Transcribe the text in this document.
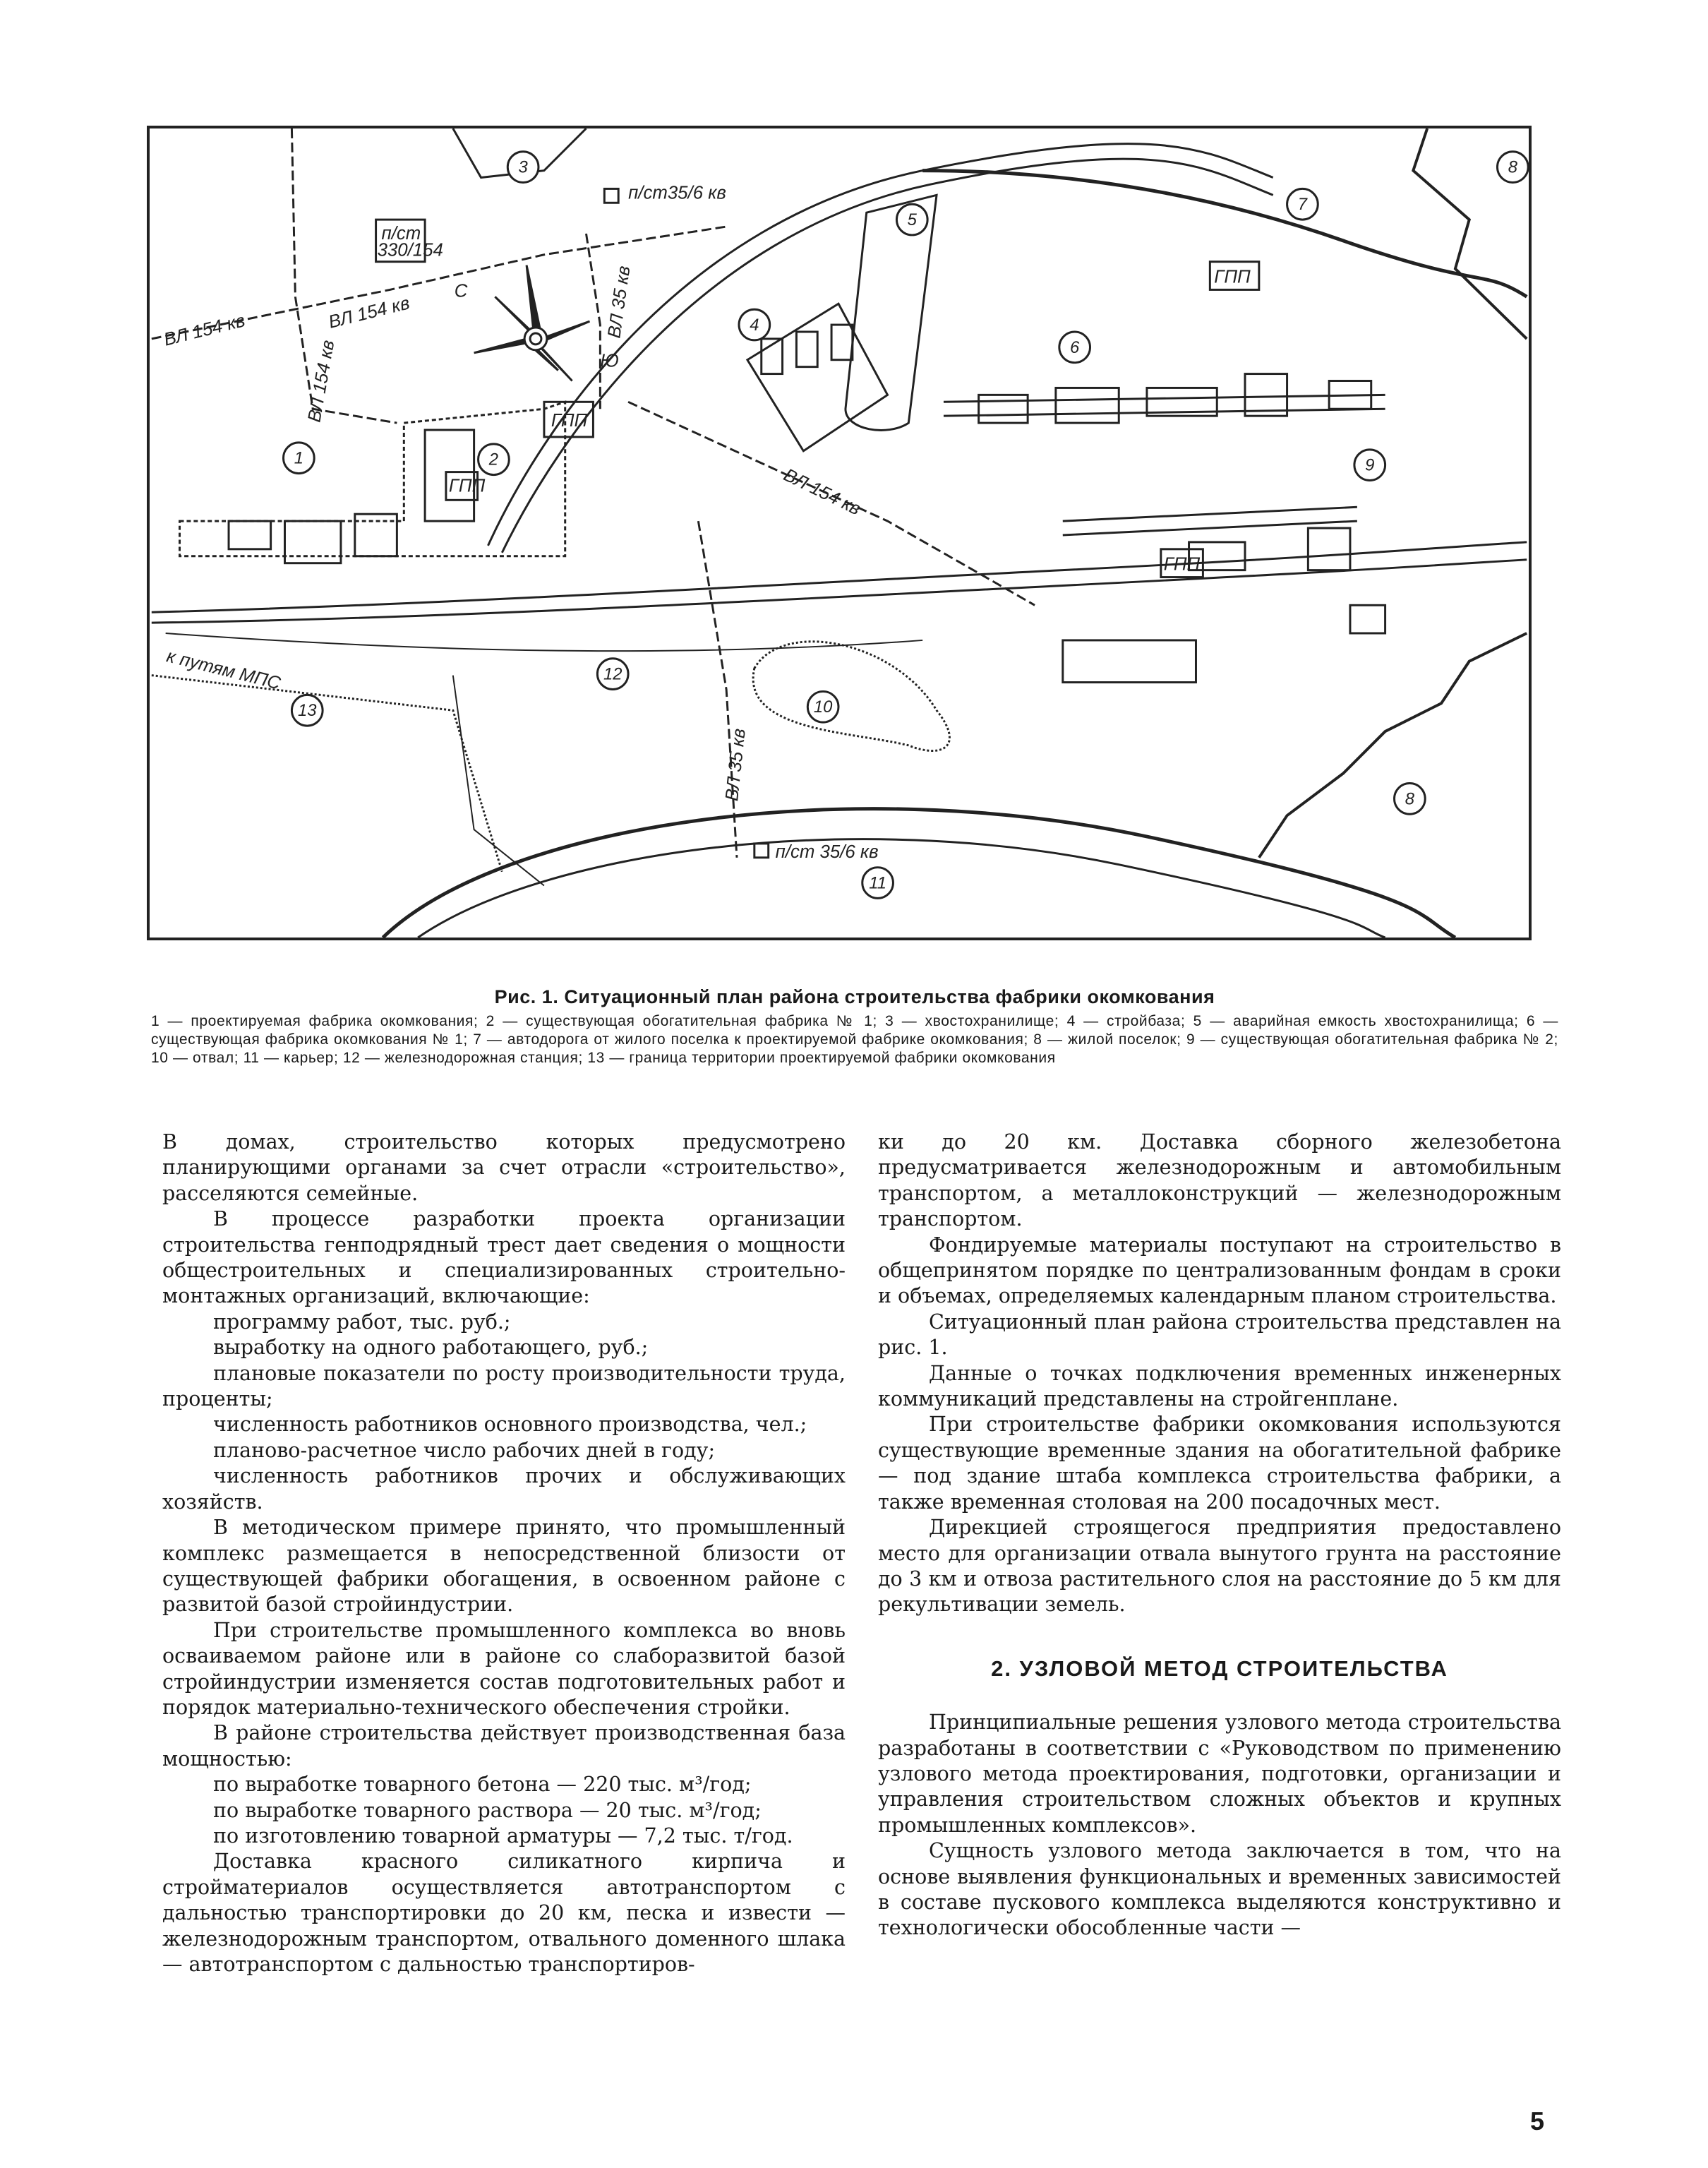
3
5
7
8
4
6
1	2	9
10
8
11
12
13
п/ст35/6 кв
п/ст
330/154
п/ст 35/6 кв
ВЛ 154 кв	ВЛ 154 кв
ВЛ 154 кв
ВЛ 154 кв
ВЛ 35 кв
ВЛ 35 кв
ГПП
ГПП
ГПП
ГПП
к путям МПС
С
Ю
Рис. 1. Ситуационный план района строительства фабрики окомкования
1 — проектируемая фабрика окомкования; 2 — существующая обогатительная фабрика № 1; 3 — хвостохранилище; 4 — стройбаза; 5 — аварийная емкость хвостохранилища; 6 — существующая фабрика окомкования № 1; 7 — автодорога от жилого поселка к проектируемой фабрике окомкования; 8 — жилой поселок; 9 — существующая обогатительная фабрика № 2; 10 — отвал; 11 — карьер; 12 — железнодорожная станция; 13 — граница территории проектируемой фабрики окомкования

В домах, строительство которых предусмотрено планирующими органами за счет отрасли «строительство», расселяются семейные.

В процессе разработки проекта организации строительства генподрядный трест дает сведения о мощности общестроительных и специализированных строительно-монтажных организаций, включающие:

программу работ, тыс. руб.;

выработку на одного работающего, руб.;

плановые показатели по росту производительности труда, проценты;

численность работников основного производства, чел.;

планово-расчетное число рабочих дней в году;

численность работников прочих и обслуживающих хозяйств.

В методическом примере принято, что промышленный комплекс размещается в непосредственной близости от существующей фабрики обогащения, в освоенном районе с развитой базой стройиндустрии.

При строительстве промышленного комплекса во вновь осваиваемом районе или в районе со слаборазвитой базой стройиндустрии изменяется состав подготовительных работ и порядок материально-технического обеспечения стройки.

В районе строительства действует производственная база мощностью:

по выработке товарного бетона — 220 тыс. м³/год;

по выработке товарного раствора — 20 тыс. м³/год;

по изготовлению товарной арматуры — 7,2 тыс. т/год.

Доставка красного силикатного кирпича и стройматериалов осуществляется автотранспортом с дальностью транспортировки до 20 км, песка и извести — железнодорожным транспортом, отвального доменного шлака — автотранспортом с дальностью транспортиров-

ки до 20 км. Доставка сборного железобетона предусматривается железнодорожным и автомобильным транспортом, а металлоконструкций — железнодорожным транспортом.

Фондируемые материалы поступают на строительство в общепринятом порядке по централизованным фондам в сроки и объемах, определяемых календарным планом строительства.

Ситуационный план района строительства представлен на рис. 1.

Данные о точках подключения временных инженерных коммуникаций представлены на стройгенплане.

При строительстве фабрики окомкования используются существующие временные здания на обогатительной фабрике — под здание штаба комплекса строительства фабрики, а также временная столовая на 200 посадочных мест.

Дирекцией строящегося предприятия предоставлено место для организации отвала вынутого грунта на расстояние до 3 км и отвоза растительного слоя на расстояние до 5 км для рекультивации земель.

2. УЗЛОВОЙ МЕТОД СТРОИТЕЛЬСТВА

Принципиальные решения узлового метода строительства разработаны в соответствии с «Руководством по применению узлового метода проектирования, подготовки, организации и управления строительством сложных объектов и крупных промышленных комплексов».

Сущность узлового метода заключается в том, что на основе выявления функциональных и временных зависимостей в составе пускового комплекса выделяются конструктивно и технологически обособленные части —

5
